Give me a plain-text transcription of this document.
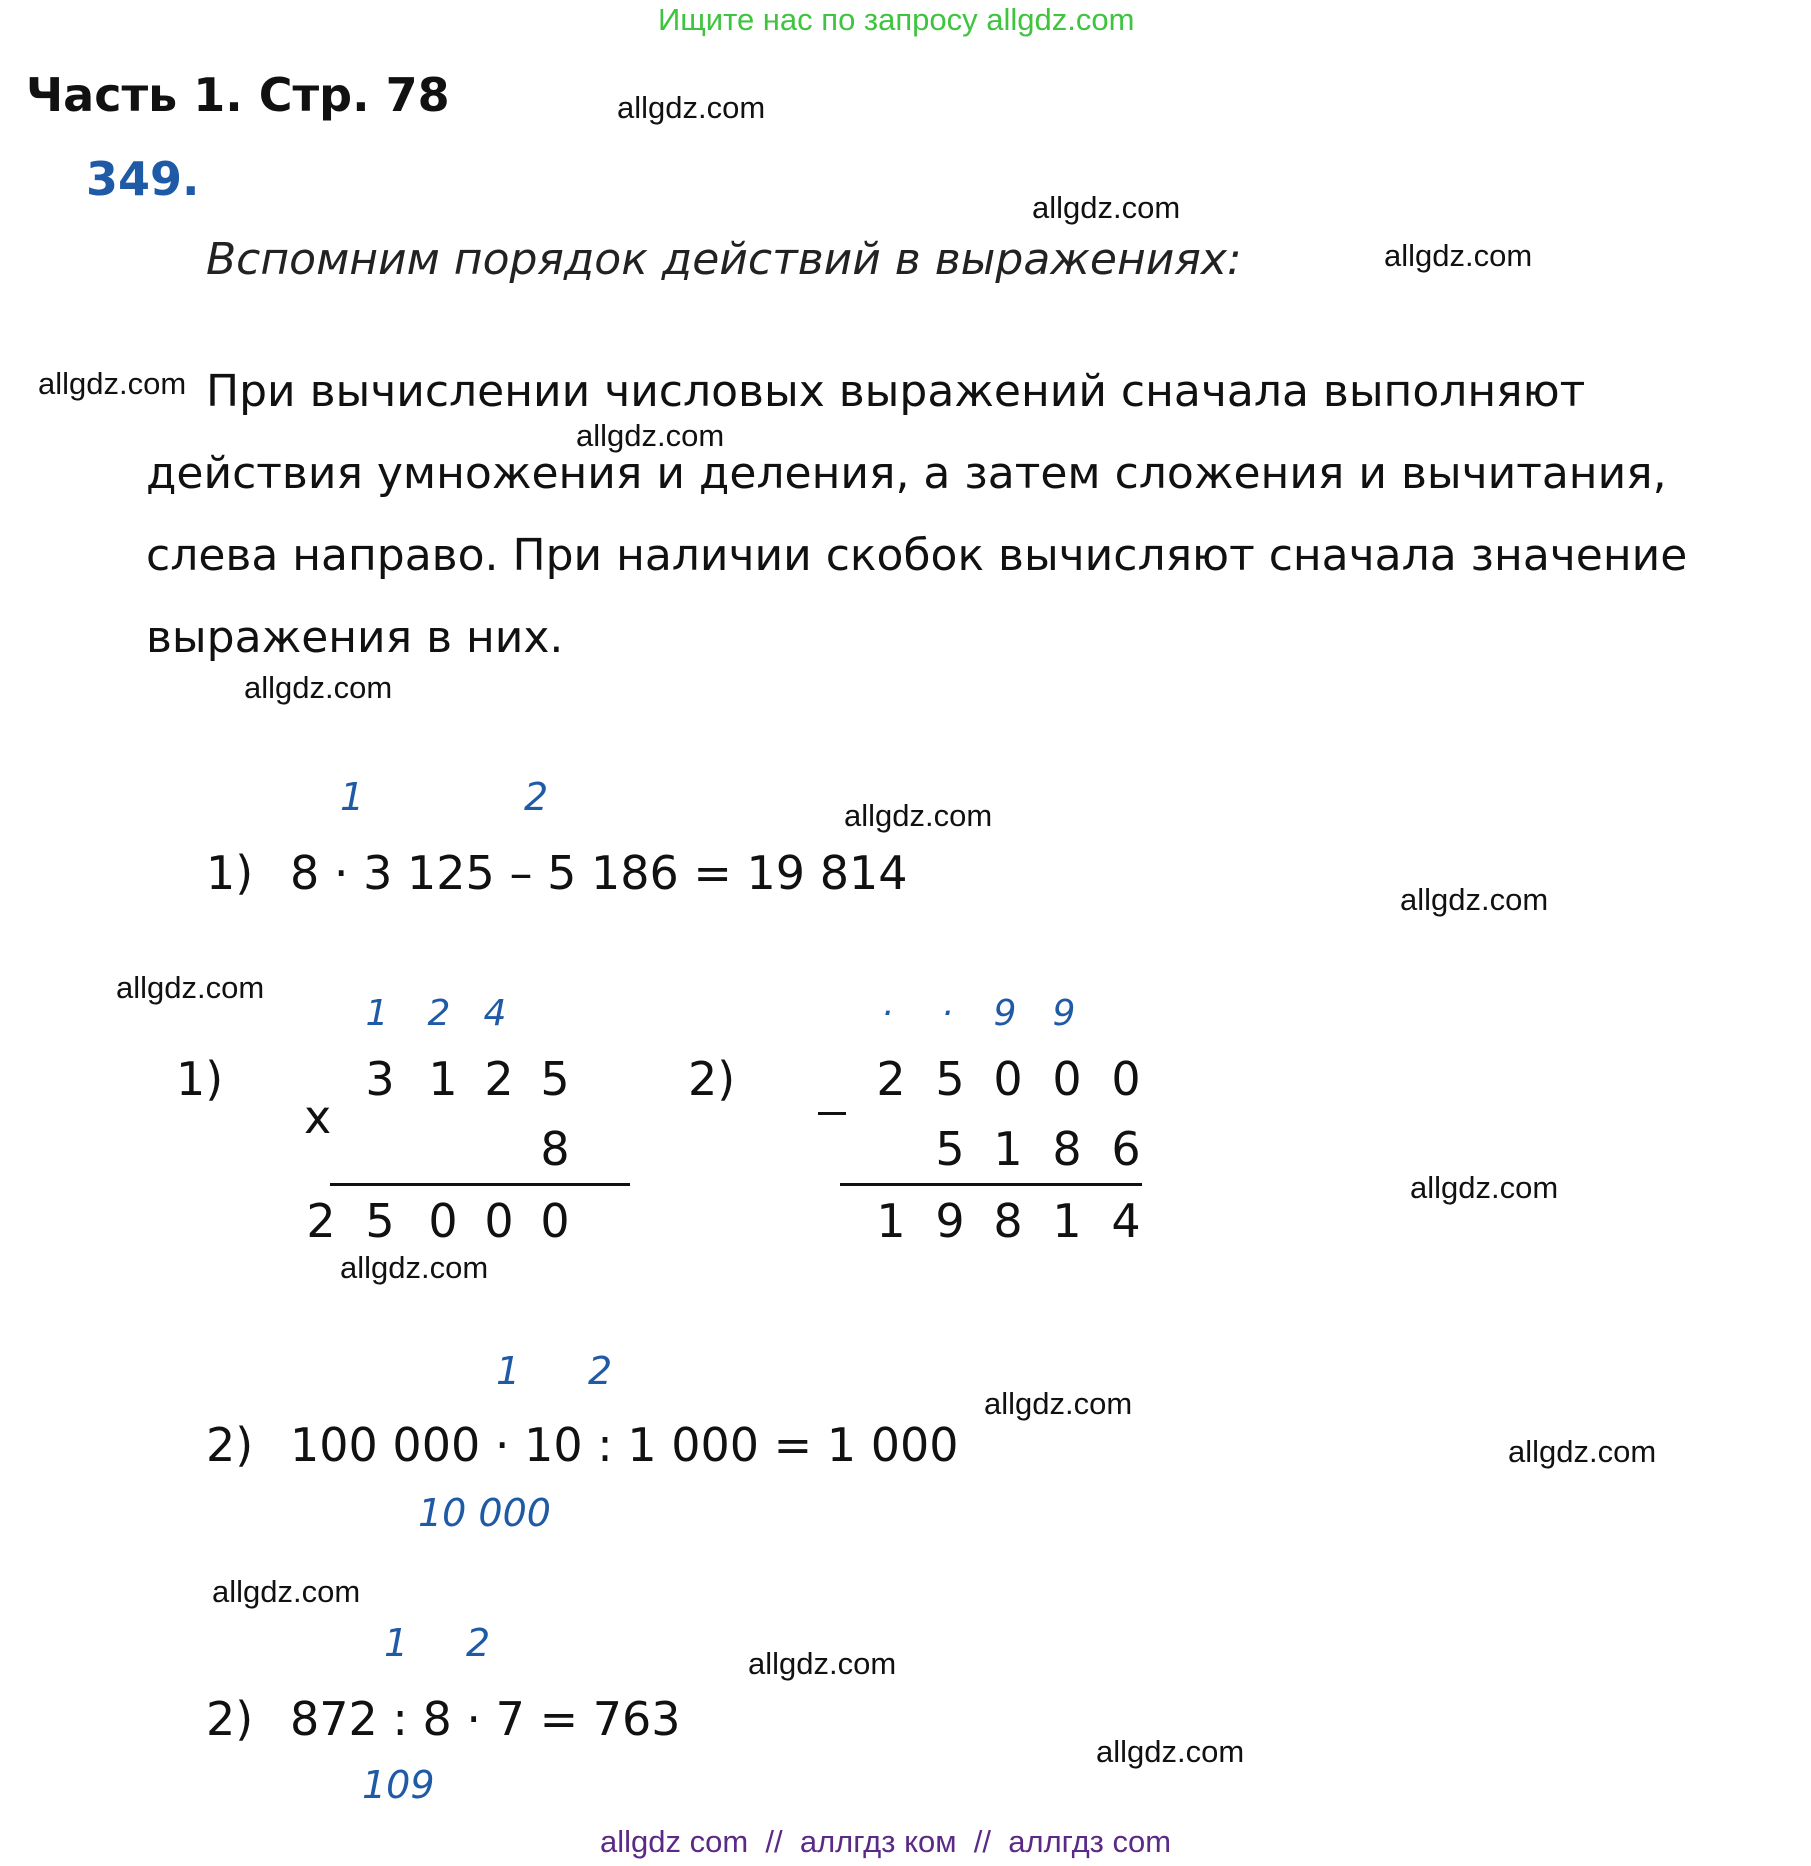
Ищите нас по запросу allgdz.com
Часть 1. Стр. 78
349.
Вспомним порядок действий в выражениях:
При вычислении числовых выражений сначала выполняют
действия умножения и деления, а затем сложения и вычитания,
слева направо. При наличии скобок вычисляют сначала значение
выражения в них.
1	2
1) 8 · 3 125 – 5 186 = 19 814
1)
x
1	2 4
3 1 2 5
8
2 5 0 0 0
2)
·	·	9	9
2 5 0 0 0
5 1 8 6
1 9 8 1 4
1 2
2) 100 000 · 10 : 1 000 = 1 000
10 000
1 2
2) 872 : 8 · 7 = 763
109
allgdz.com
allgdz.com
allgdz.com
allgdz.com
allgdz.com
allgdz.com
allgdz.com
allgdz.com
allgdz.com
allgdz.com
allgdz.com
allgdz.com
allgdz.com
allgdz.com
allgdz.com
allgdz.com
allgdz com  //  аллгдз ком  //  аллгдз com
